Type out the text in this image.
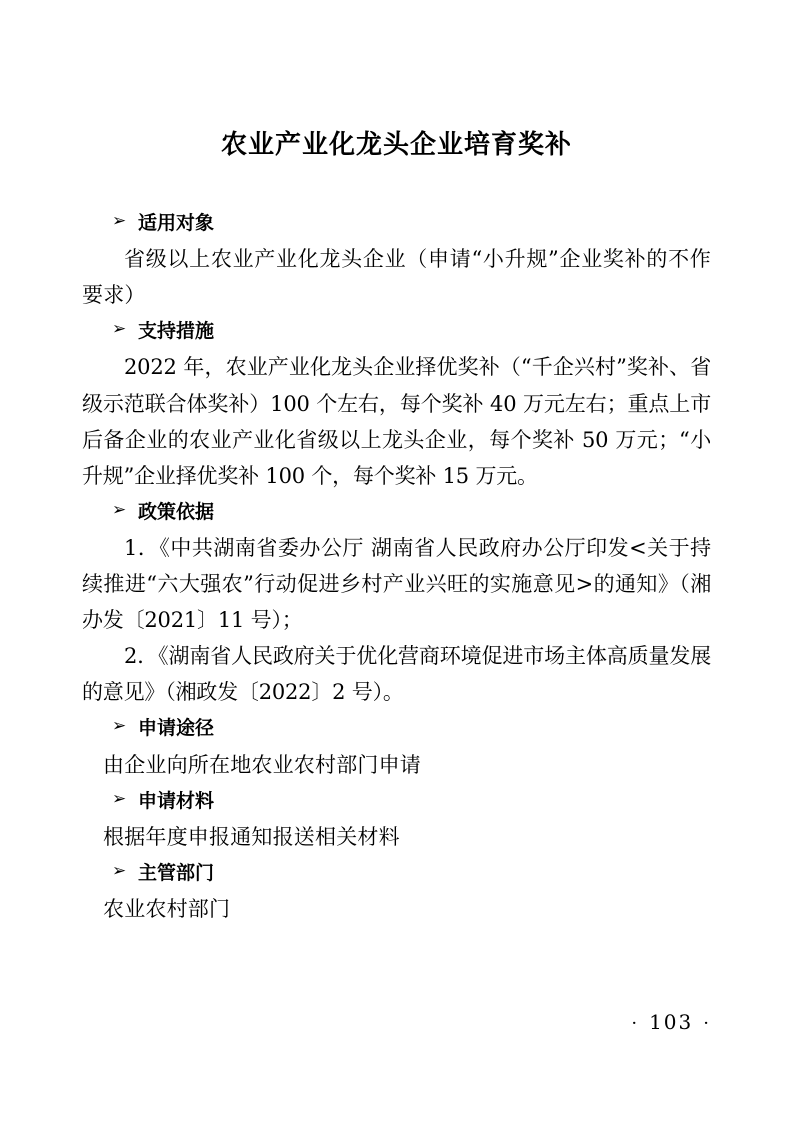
农业产业化龙头企业培育奖补

➢ 适用对象

省级以上农业产业化龙头企业（申请“小升规”企业奖补的不作要求）

➢ 支持措施

2022 年，农业产业化龙头企业择优奖补（“千企兴村”奖补、省级示范联合体奖补）100 个左右，每个奖补 40 万元左右；重点上市后备企业的农业产业化省级以上龙头企业，每个奖补 50 万元；“小升规”企业择优奖补 100 个，每个奖补 15 万元。

➢ 政策依据

1．《中共湖南省委办公厅 湖南省人民政府办公厅印发<关于持续推进“六大强农”行动促进乡村产业兴旺的实施意见>的通知》（湘办发〔2021〕11 号）；

2．《湖南省人民政府关于优化营商环境促进市场主体高质量发展的意见》（湘政发〔2022〕2 号）。

➢ 申请途径

由企业向所在地农业农村部门申请

➢ 申请材料

根据年度申报通知报送相关材料

➢ 主管部门

农业农村部门

· 103 ·
